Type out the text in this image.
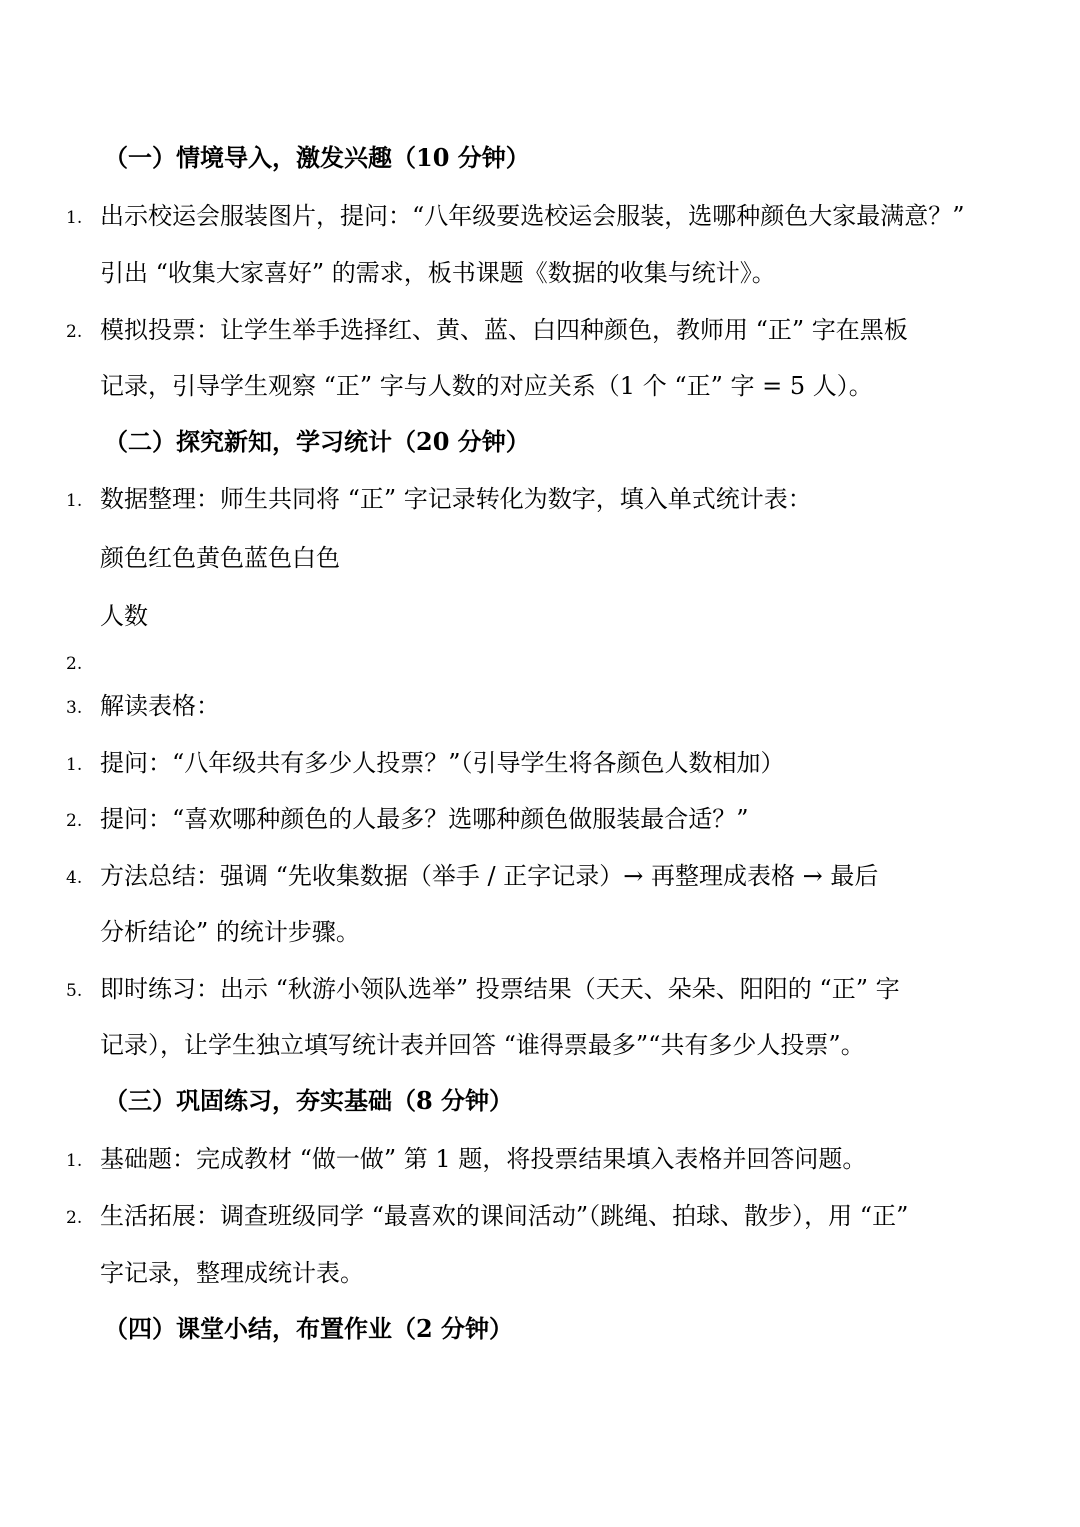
（一）情境导入，激发兴趣（10 分钟）
1. 出示校运会服装图片，提问：“八年级要选校运会服装，选哪种颜色大家最满意？”
引出 “收集大家喜好” 的需求，板书课题《数据的收集与统计》。
2. 模拟投票：让学生举手选择红、黄、蓝、白四种颜色，教师用 “正” 字在黑板
记录，引导学生观察 “正” 字与人数的对应关系（1 个 “正” 字 = 5 人）。
（二）探究新知，学习统计（20 分钟）
1. 数据整理：师生共同将 “正” 字记录转化为数字，填入单式统计表：
颜色红色黄色蓝色白色
人数
2.
3. 解读表格：
1. 提问：“八年级共有多少人投票？”（引导学生将各颜色人数相加）
2. 提问：“喜欢哪种颜色的人最多？选哪种颜色做服装最合适？”
4. 方法总结：强调 “先收集数据（举手 / 正字记录）→ 再整理成表格 → 最后
分析结论” 的统计步骤。
5. 即时练习：出示 “秋游小领队选举” 投票结果（天天、朵朵、阳阳的 “正” 字
记录），让学生独立填写统计表并回答 “谁得票最多”“共有多少人投票”。
（三）巩固练习，夯实基础（8 分钟）
1. 基础题：完成教材 “做一做” 第 1 题，将投票结果填入表格并回答问题。
2. 生活拓展：调查班级同学 “最喜欢的课间活动”（跳绳、拍球、散步），用 “正”
字记录，整理成统计表。
（四）课堂小结，布置作业（2 分钟）
